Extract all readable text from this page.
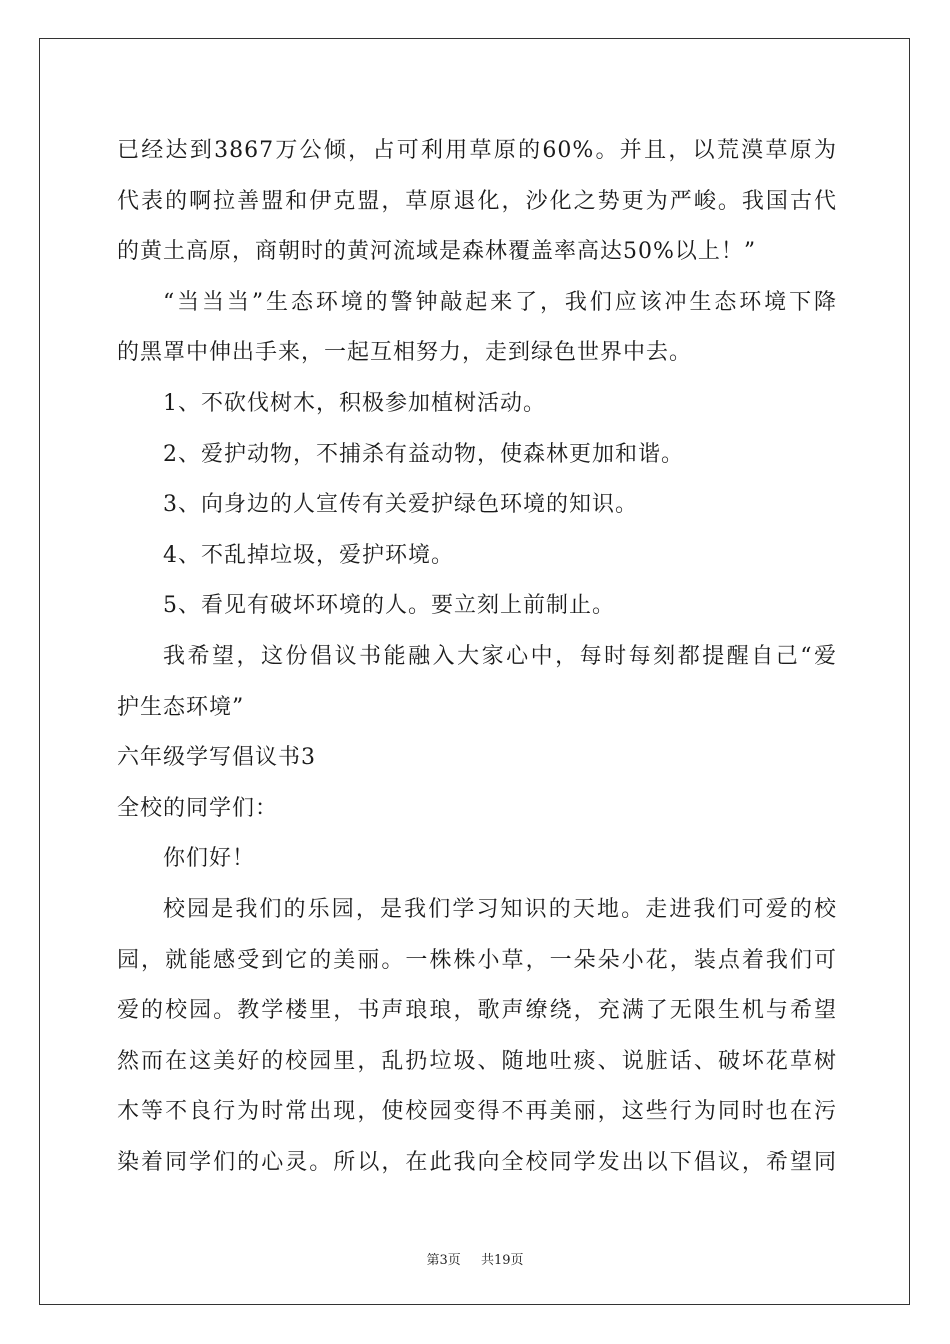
已经达到3867万公倾，占可利用草原的60%。并且，以荒漠草原为
代表的啊拉善盟和伊克盟，草原退化，沙化之势更为严峻。我国古代
的黄土高原，商朝时的黄河流域是森林覆盖率高达50%以上！”
“当当当”生态环境的警钟敲起来了，我们应该冲生态环境下降
的黑罩中伸出手来，一起互相努力，走到绿色世界中去。
1、不砍伐树木，积极参加植树活动。
2、爱护动物，不捕杀有益动物，使森林更加和谐。
3、向身边的人宣传有关爱护绿色环境的知识。
4、不乱掉垃圾，爱护环境。
5、看见有破坏环境的人。要立刻上前制止。
我希望，这份倡议书能融入大家心中，每时每刻都提醒自己“爱
护生态环境”
六年级学写倡议书3
全校的同学们：
你们好！
校园是我们的乐园，是我们学习知识的天地。走进我们可爱的校
园，就能感受到它的美丽。一株株小草，一朵朵小花，装点着我们可
爱的校园。教学楼里，书声琅琅，歌声缭绕，充满了无限生机与希望
然而在这美好的校园里，乱扔垃圾、随地吐痰、说脏话、破坏花草树
木等不良行为时常出现，使校园变得不再美丽，这些行为同时也在污
染着同学们的心灵。所以，在此我向全校同学发出以下倡议，希望同
第3页 共19页
